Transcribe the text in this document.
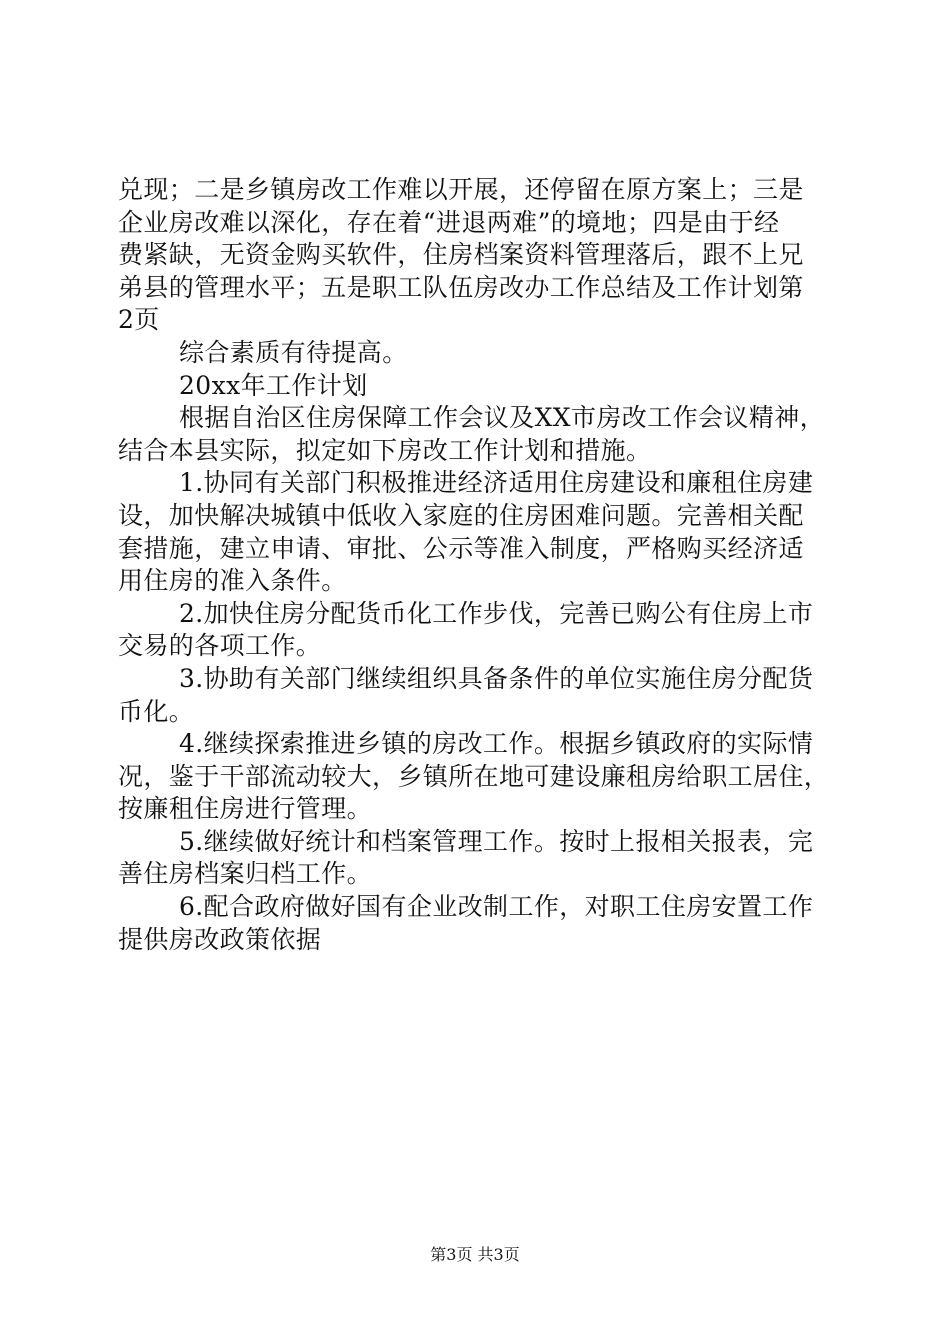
兑现；二是乡镇房改工作难以开展，还停留在原方案上；三是
企业房改难以深化，存在着“进退两难”的境地；四是由于经
费紧缺，无资金购买软件，住房档案资料管理落后，跟不上兄
弟县的管理水平；五是职工队伍房改办工作总结及工作计划第
2页
综合素质有待提高。
20xx年工作计划
根据自治区住房保障工作会议及XX市房改工作会议精神，
结合本县实际，拟定如下房改工作计划和措施。
1.协同有关部门积极推进经济适用住房建设和廉租住房建
设，加快解决城镇中低收入家庭的住房困难问题。完善相关配
套措施，建立申请、审批、公示等准入制度，严格购买经济适
用住房的准入条件。
2.加快住房分配货币化工作步伐，完善已购公有住房上市
交易的各项工作。
3.协助有关部门继续组织具备条件的单位实施住房分配货
币化。
4.继续探索推进乡镇的房改工作。根据乡镇政府的实际情
况，鉴于干部流动较大，乡镇所在地可建设廉租房给职工居住，
按廉租住房进行管理。
5.继续做好统计和档案管理工作。按时上报相关报表，完
善住房档案归档工作。
6.配合政府做好国有企业改制工作，对职工住房安置工作
提供房改政策依据
第3页 共3页
